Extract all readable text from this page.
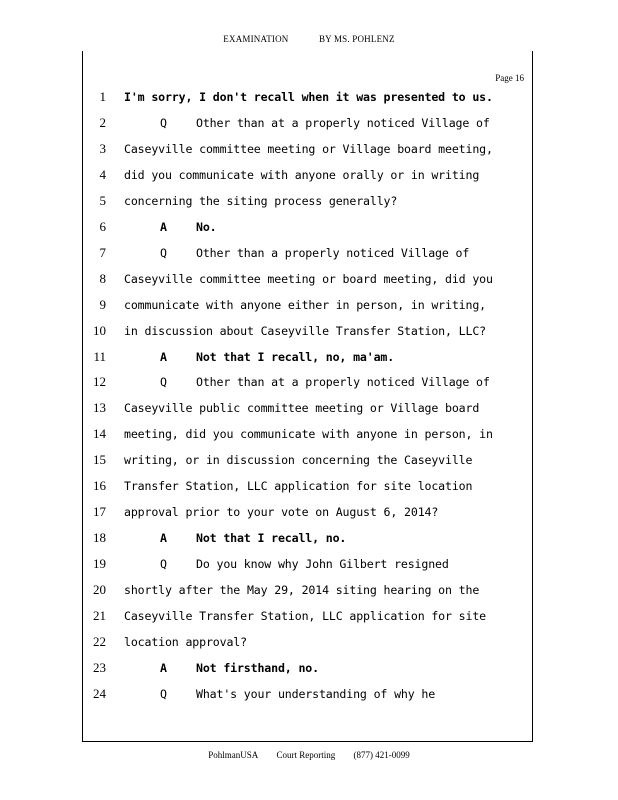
EXAMINATION	BY MS. POHLENZ
Page 16
1 I'm sorry, I don't recall when it was presented to us.
2	Q	Other than at a properly noticed Village of
3 Caseyville committee meeting or Village board meeting,
4 did you communicate with anyone orally or in writing
5 concerning the siting process generally?
6	A	No.
7	Q	Other than a properly noticed Village of
8 Caseyville committee meeting or board meeting, did you
9 communicate with anyone either in person, in writing,
10 in discussion about Caseyville Transfer Station, LLC?
11	A	Not that I recall, no, ma'am.
12	Q	Other than at a properly noticed Village of
13 Caseyville public committee meeting or Village board
14 meeting, did you communicate with anyone in person, in
15 writing, or in discussion concerning the Caseyville
16 Transfer Station, LLC application for site location
17 approval prior to your vote on August 6, 2014?
18	A	Not that I recall, no.
19	Q	Do you know why John Gilbert resigned
20 shortly after the May 29, 2014 siting hearing on the
21 Caseyville Transfer Station, LLC application for site
22 location approval?
23	A	Not firsthand, no.
24	Q	What's your understanding of why he
PohlmanUSA Court Reporting (877) 421-0099
